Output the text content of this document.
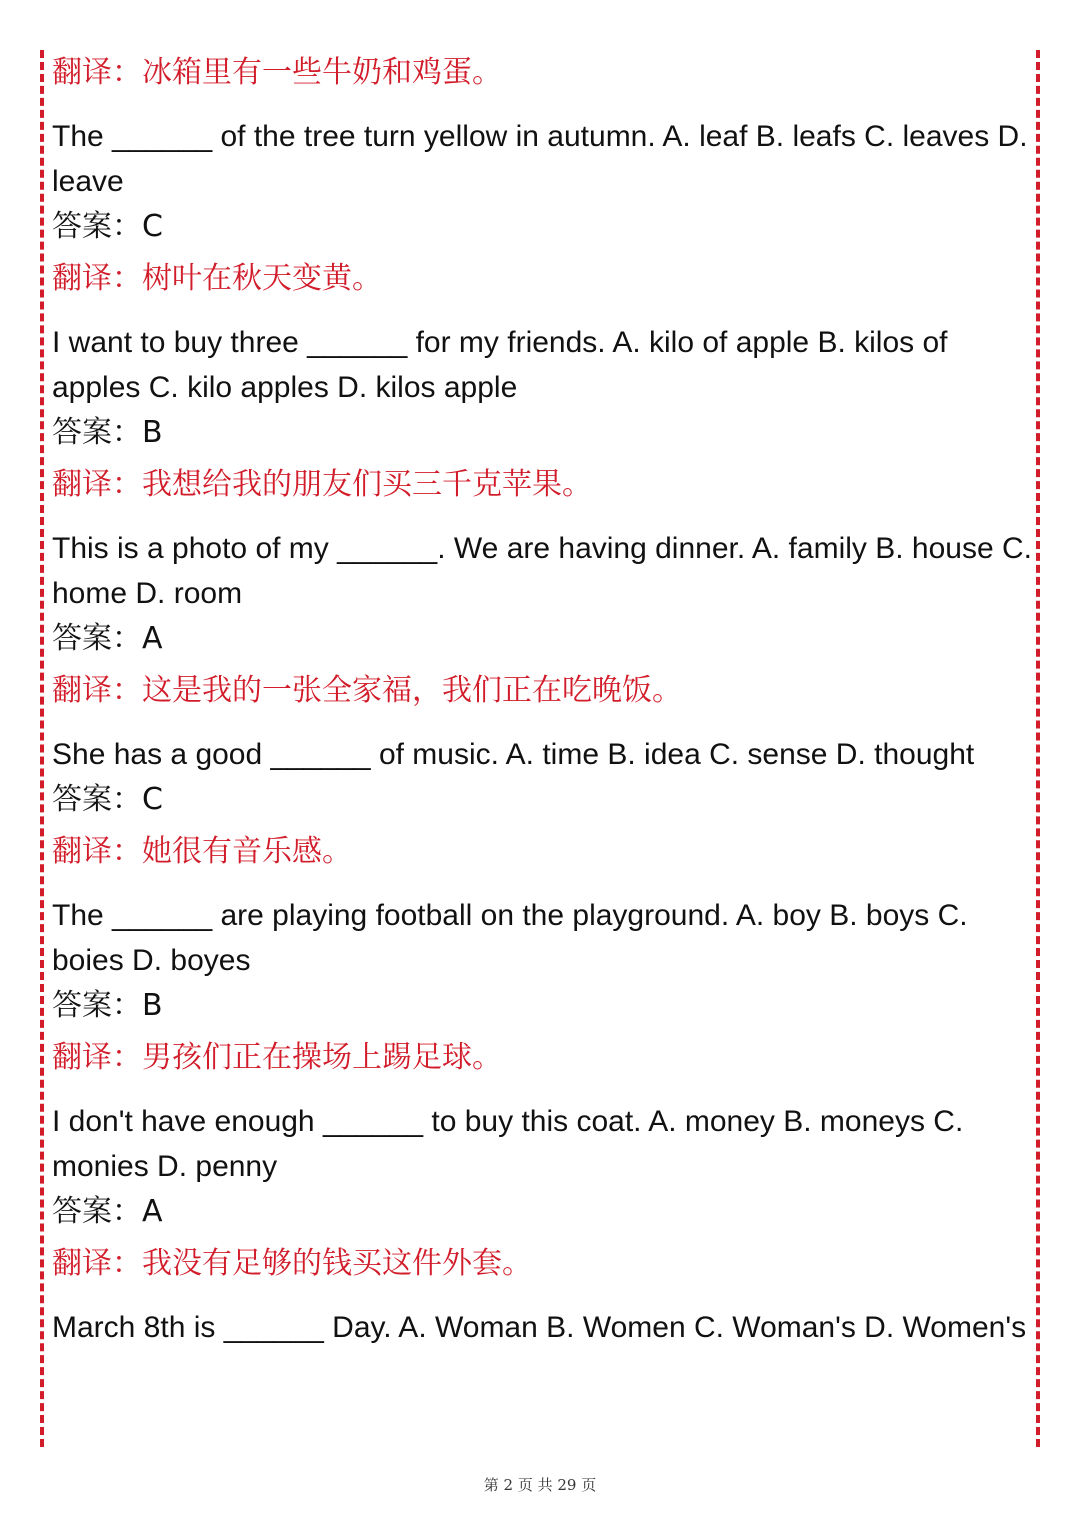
翻译：冰箱里有一些牛奶和鸡蛋。
The ______ of the tree turn yellow in autumn. A. leaf B. leafs C. leaves D. leave
答案：C
翻译：树叶在秋天变黄。
I want to buy three ______ for my friends. A. kilo of apple B. kilos of apples C. kilo apples D. kilos apple
答案：B
翻译：我想给我的朋友们买三千克苹果。
This is a photo of my ______. We are having dinner. A. family B. house C. home D. room
答案：A
翻译：这是我的一张全家福，我们正在吃晚饭。
She has a good ______ of music. A. time B. idea C. sense D. thought
答案：C
翻译：她很有音乐感。
The ______ are playing football on the playground. A. boy B. boys C. boies D. boyes
答案：B
翻译：男孩们正在操场上踢足球。
I don't have enough ______ to buy this coat. A. money B. moneys C. monies D. penny
答案：A
翻译：我没有足够的钱买这件外套。
March 8th is ______ Day. A. Woman B. Women C. Woman's D. Women's
第 2 页 共 29 页
